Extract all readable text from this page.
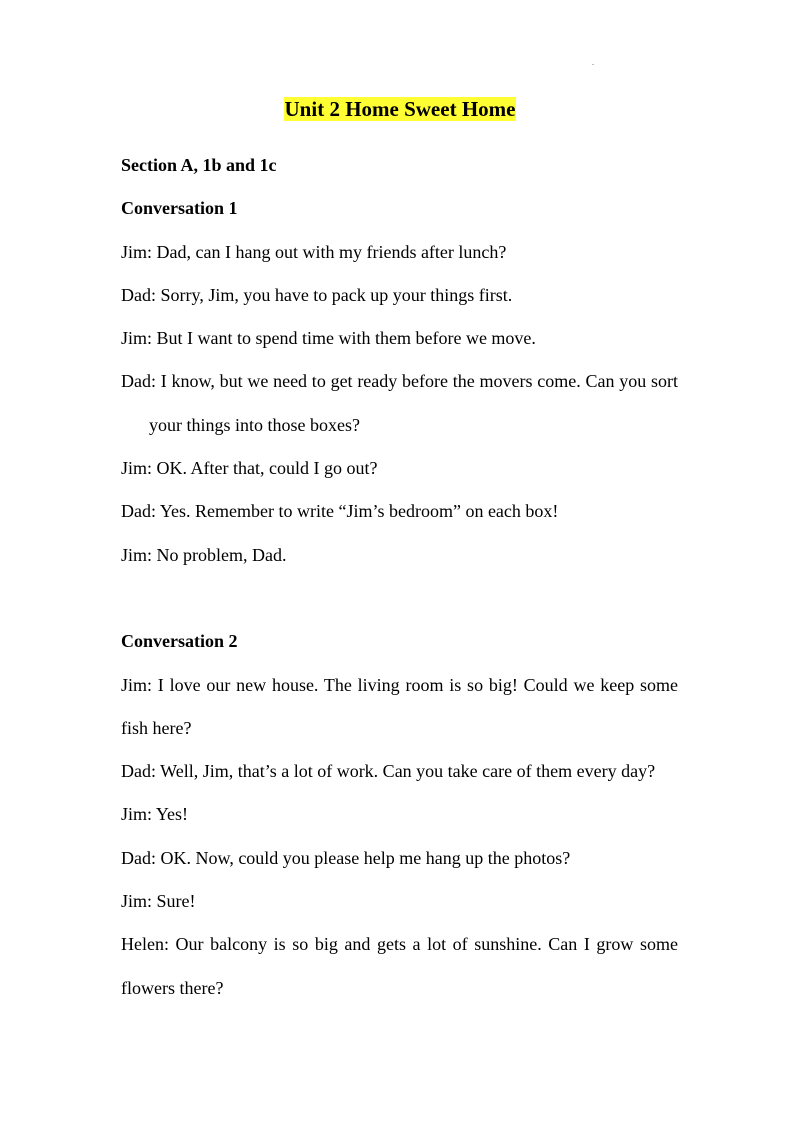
.
Unit 2 Home Sweet Home
Section A, 1b and 1c
Conversation 1
Jim: Dad, can I hang out with my friends after lunch?
Dad: Sorry, Jim, you have to pack up your things first.
Jim: But I want to spend time with them before we move.
Dad: I know, but we need to get ready before the movers come. Can you sort your things into those boxes?
Jim: OK. After that, could I go out?
Dad: Yes. Remember to write “Jim’s bedroom” on each box!
Jim: No problem, Dad.
Conversation 2
Jim: I love our new house. The living room is so big! Could we keep some fish here?
Dad: Well, Jim, that’s a lot of work. Can you take care of them every day?
Jim: Yes!
Dad: OK. Now, could you please help me hang up the photos?
Jim: Sure!
Helen: Our balcony is so big and gets a lot of sunshine. Can I grow some flowers there?
